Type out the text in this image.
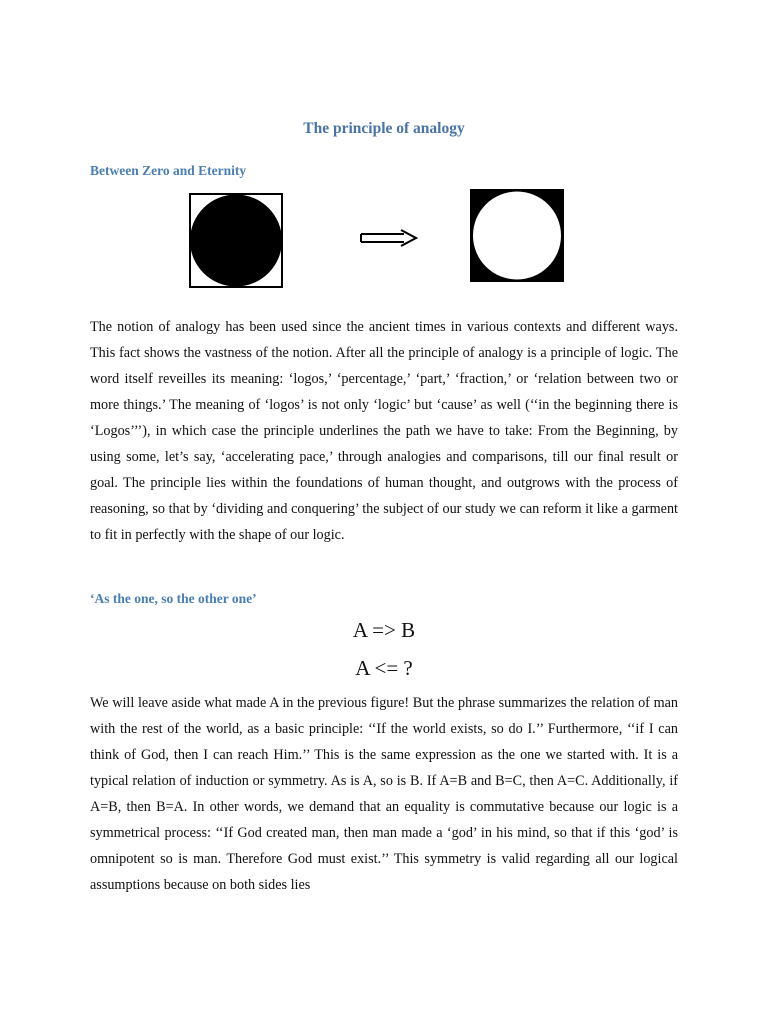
The principle of analogy
Between Zero and Eternity

The notion of analogy has been used since the ancient times in various contexts and different ways. This fact shows the vastness of the notion. After all the principle of analogy is a principle of logic. The word itself reveilles its meaning: ‘logos,’ ‘percentage,’ ‘part,’ ‘fraction,’ or ‘relation between two or more things.’ The meaning of ‘logos’ is not only ‘logic’ but ‘cause’ as well (‘‘in the beginning there is ‘Logos’’’), in which case the principle underlines the path we have to take: From the Beginning, by using some, let’s say, ‘accelerating pace,’ through analogies and comparisons, till our final result or goal. The principle lies within the foundations of human thought, and outgrows with the process of reasoning, so that by ‘dividing and conquering’ the subject of our study we can reform it like a garment to fit in perfectly with the shape of our logic.

‘As the one, so the other one’

A => B

A <= ?

We will leave aside what made A in the previous figure! But the phrase summarizes the relation of man with the rest of the world, as a basic principle: ‘‘If the world exists, so do I.’’ Furthermore, ‘‘if I can think of God, then I can reach Him.’’ This is the same expression as the one we started with. It is a typical relation of induction or symmetry. As is A, so is B. If A=B and B=C, then A=C. Additionally, if A=B, then B=A. In other words, we demand that an equality is commutative because our logic is a symmetrical process: ‘‘If God created man, then man made a ‘god’ in his mind, so that if this ‘god’ is omnipotent so is man. Therefore God must exist.’’ This symmetry is valid regarding all our logical assumptions because on both sides lies
